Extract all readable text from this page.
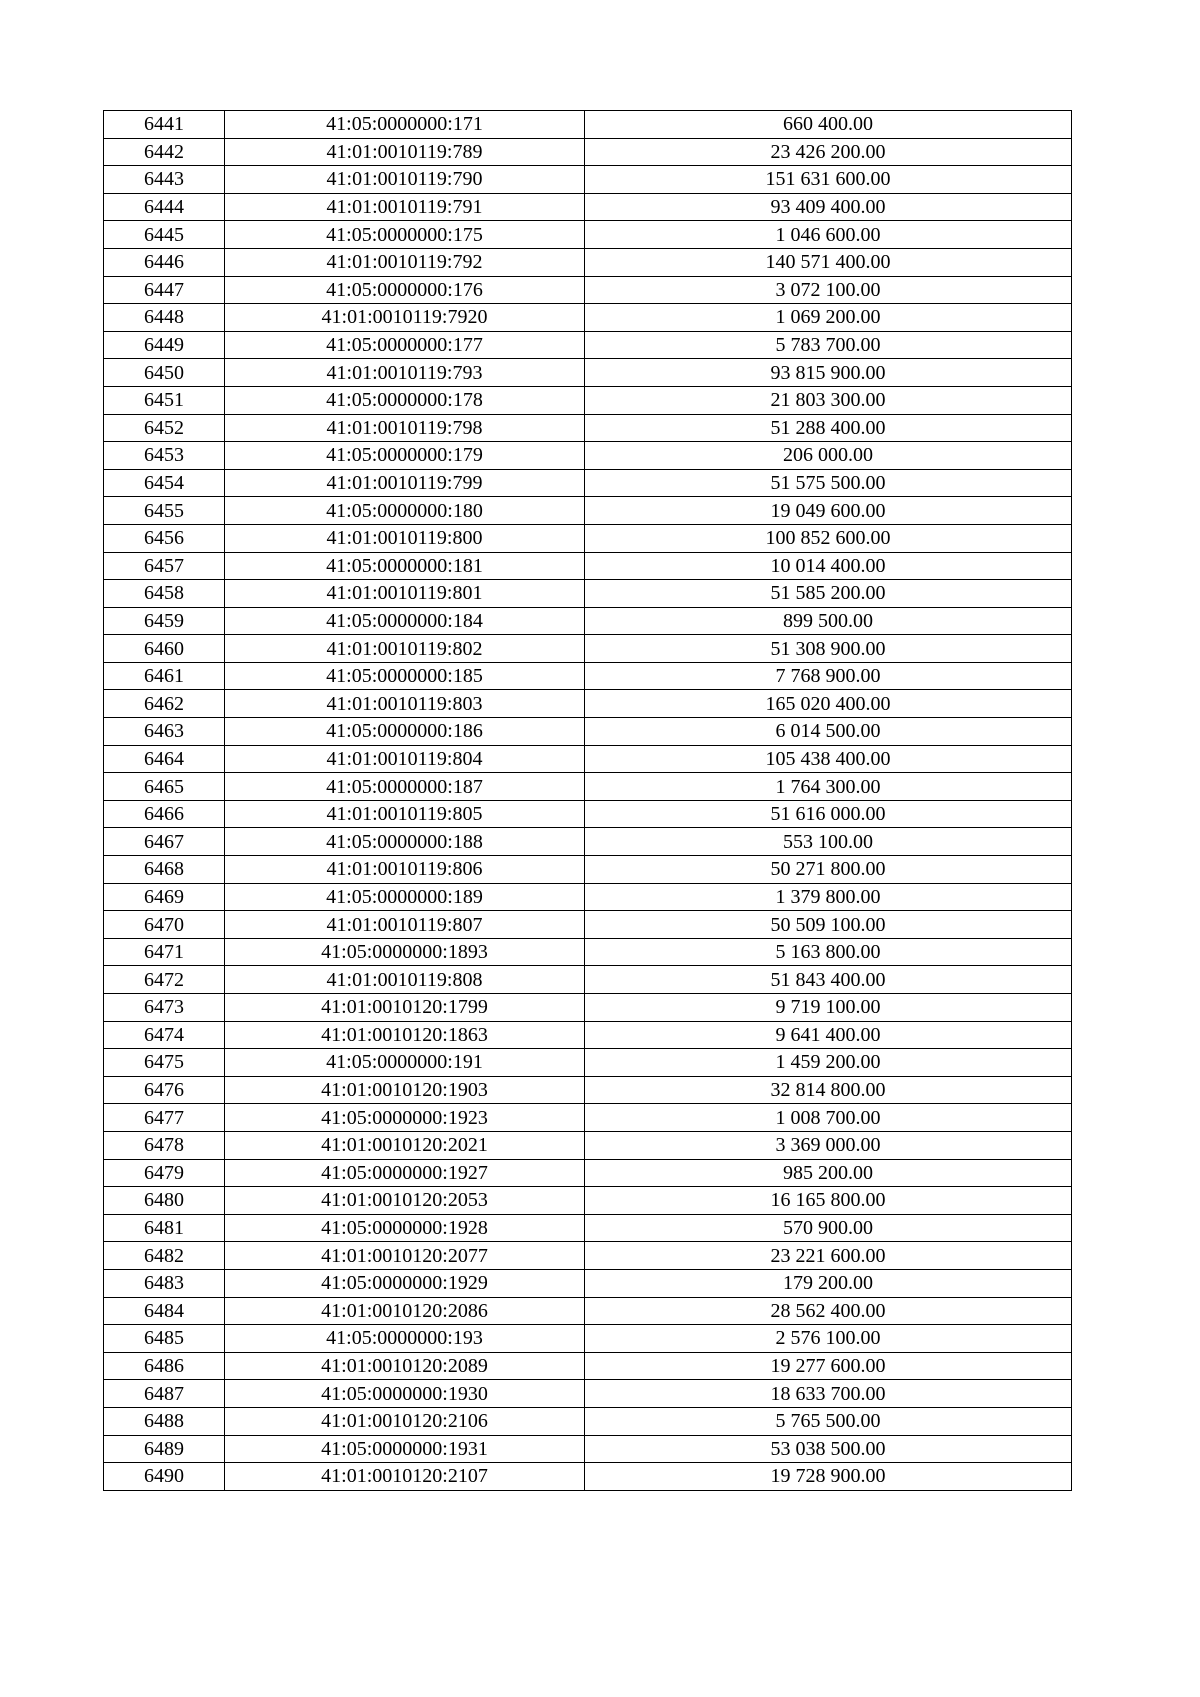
6441	41:05:0000000:171	660 400.00
6442	41:01:0010119:789	23 426 200.00
6443	41:01:0010119:790	151 631 600.00
6444	41:01:0010119:791	93 409 400.00
6445	41:05:0000000:175	1 046 600.00
6446	41:01:0010119:792	140 571 400.00
6447	41:05:0000000:176	3 072 100.00
6448	41:01:0010119:7920	1 069 200.00
6449	41:05:0000000:177	5 783 700.00
6450	41:01:0010119:793	93 815 900.00
6451	41:05:0000000:178	21 803 300.00
6452	41:01:0010119:798	51 288 400.00
6453	41:05:0000000:179	206 000.00
6454	41:01:0010119:799	51 575 500.00
6455	41:05:0000000:180	19 049 600.00
6456	41:01:0010119:800	100 852 600.00
6457	41:05:0000000:181	10 014 400.00
6458	41:01:0010119:801	51 585 200.00
6459	41:05:0000000:184	899 500.00
6460	41:01:0010119:802	51 308 900.00
6461	41:05:0000000:185	7 768 900.00
6462	41:01:0010119:803	165 020 400.00
6463	41:05:0000000:186	6 014 500.00
6464	41:01:0010119:804	105 438 400.00
6465	41:05:0000000:187	1 764 300.00
6466	41:01:0010119:805	51 616 000.00
6467	41:05:0000000:188	553 100.00
6468	41:01:0010119:806	50 271 800.00
6469	41:05:0000000:189	1 379 800.00
6470	41:01:0010119:807	50 509 100.00
6471	41:05:0000000:1893	5 163 800.00
6472	41:01:0010119:808	51 843 400.00
6473	41:01:0010120:1799	9 719 100.00
6474	41:01:0010120:1863	9 641 400.00
6475	41:05:0000000:191	1 459 200.00
6476	41:01:0010120:1903	32 814 800.00
6477	41:05:0000000:1923	1 008 700.00
6478	41:01:0010120:2021	3 369 000.00
6479	41:05:0000000:1927	985 200.00
6480	41:01:0010120:2053	16 165 800.00
6481	41:05:0000000:1928	570 900.00
6482	41:01:0010120:2077	23 221 600.00
6483	41:05:0000000:1929	179 200.00
6484	41:01:0010120:2086	28 562 400.00
6485	41:05:0000000:193	2 576 100.00
6486	41:01:0010120:2089	19 277 600.00
6487	41:05:0000000:1930	18 633 700.00
6488	41:01:0010120:2106	5 765 500.00
6489	41:05:0000000:1931	53 038 500.00
6490	41:01:0010120:2107	19 728 900.00
